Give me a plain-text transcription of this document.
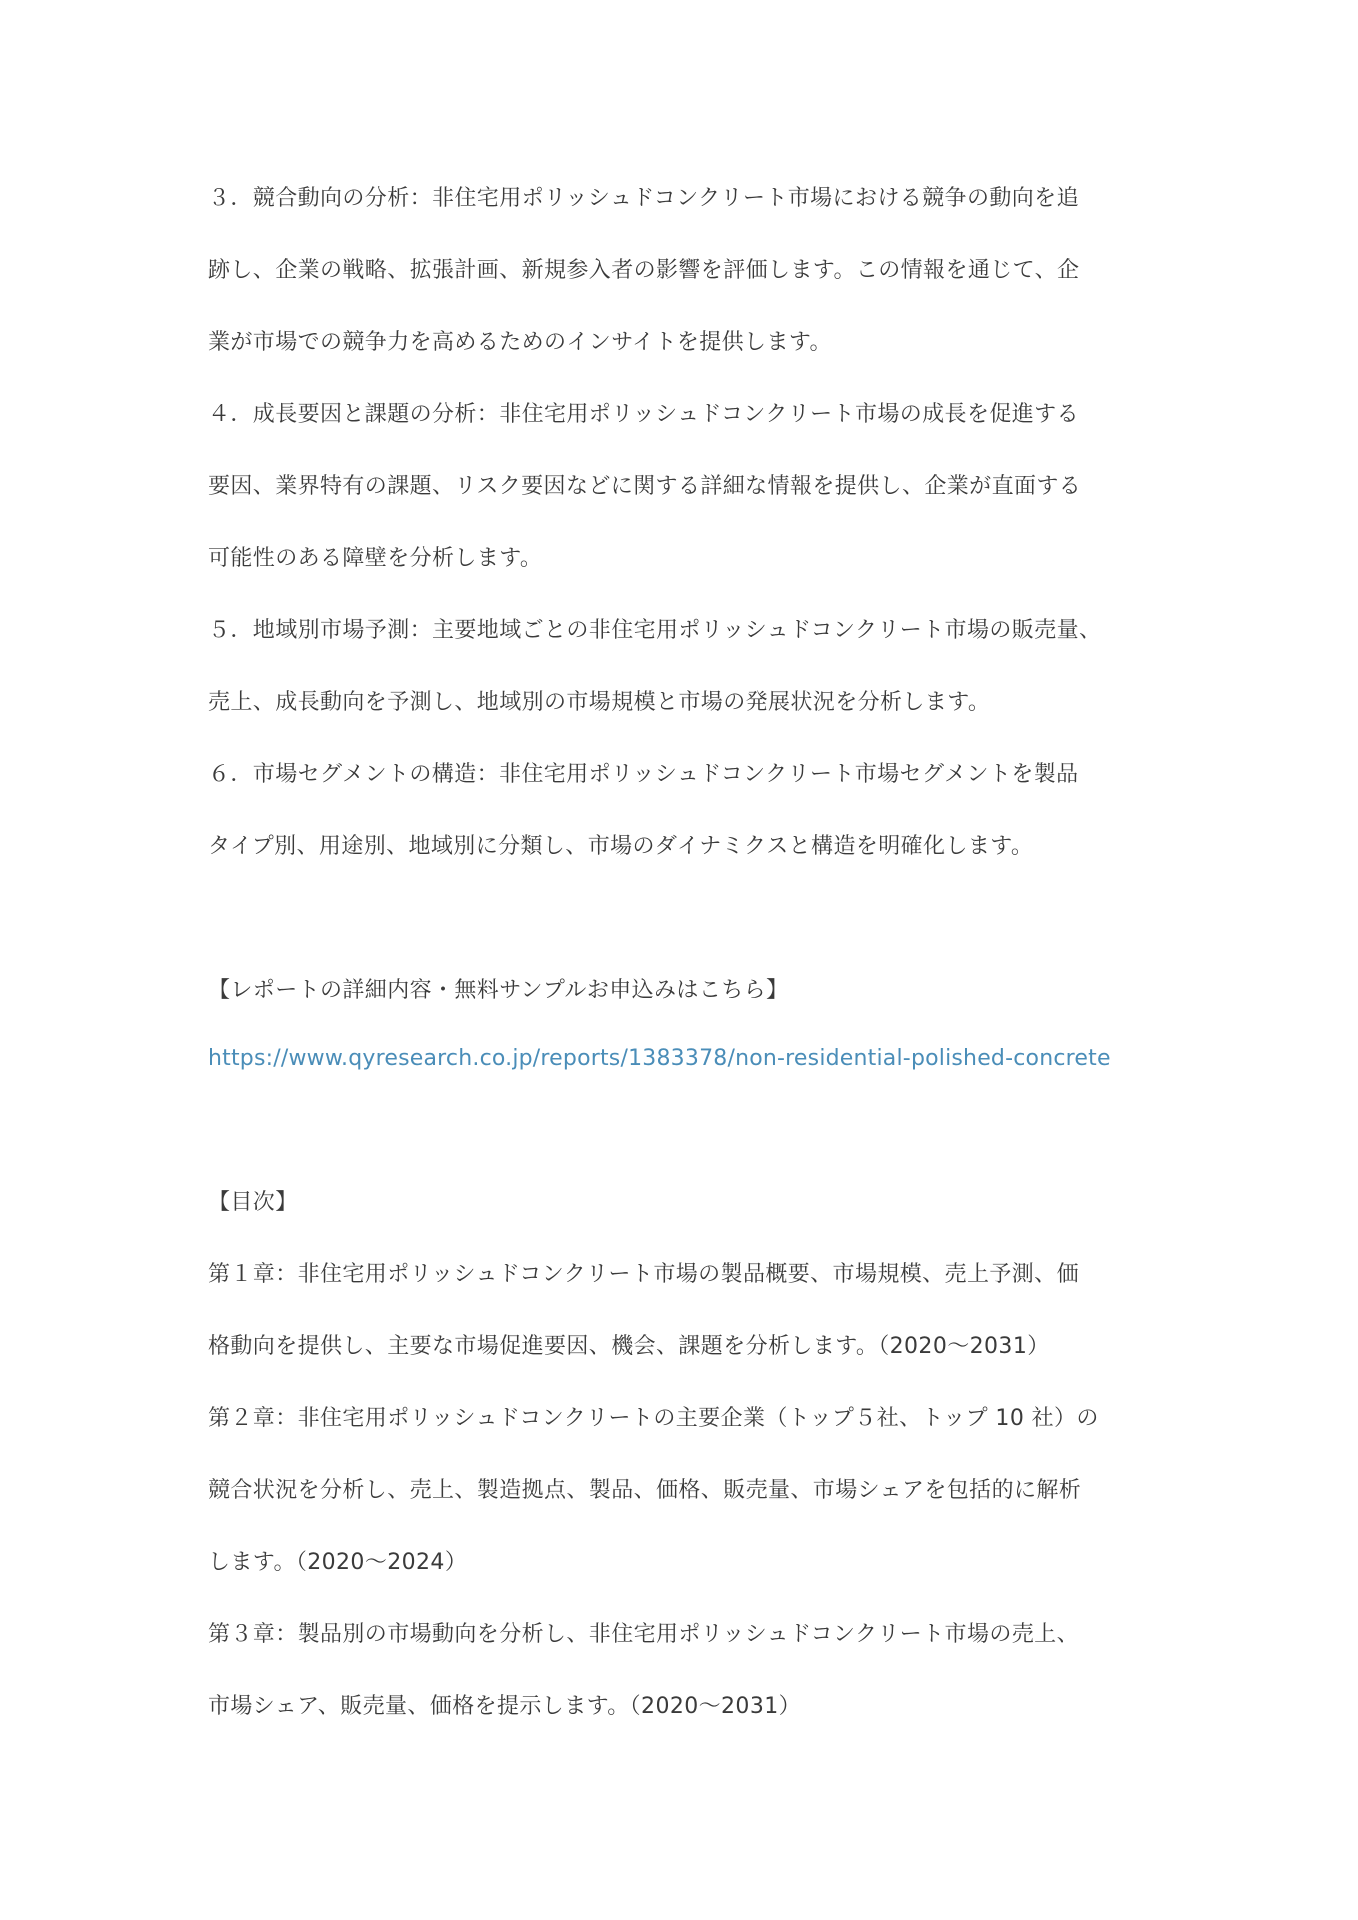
３．競合動向の分析：非住宅用ポリッシュドコンクリート市場における競争の動向を追
跡し、企業の戦略、拡張計画、新規参入者の影響を評価します。この情報を通じて、企
業が市場での競争力を高めるためのインサイトを提供します。
４．成長要因と課題の分析：非住宅用ポリッシュドコンクリート市場の成長を促進する
要因、業界特有の課題、リスク要因などに関する詳細な情報を提供し、企業が直面する
可能性のある障壁を分析します。
５．地域別市場予測：主要地域ごとの非住宅用ポリッシュドコンクリート市場の販売量、
売上、成長動向を予測し、地域別の市場規模と市場の発展状況を分析します。
６．市場セグメントの構造：非住宅用ポリッシュドコンクリート市場セグメントを製品
タイプ別、用途別、地域別に分類し、市場のダイナミクスと構造を明確化します。
【レポートの詳細内容・無料サンプルお申込みはこちら】
https://www.qyresearch.co.jp/reports/1383378/non-residential-polished-concrete
【目次】
第１章：非住宅用ポリッシュドコンクリート市場の製品概要、市場規模、売上予測、価
格動向を提供し、主要な市場促進要因、機会、課題を分析します。（2020～2031）
第２章：非住宅用ポリッシュドコンクリートの主要企業（トップ５社、トップ 10 社）の
競合状況を分析し、売上、製造拠点、製品、価格、販売量、市場シェアを包括的に解析
します。（2020～2024）
第３章：製品別の市場動向を分析し、非住宅用ポリッシュドコンクリート市場の売上、
市場シェア、販売量、価格を提示します。（2020～2031）
